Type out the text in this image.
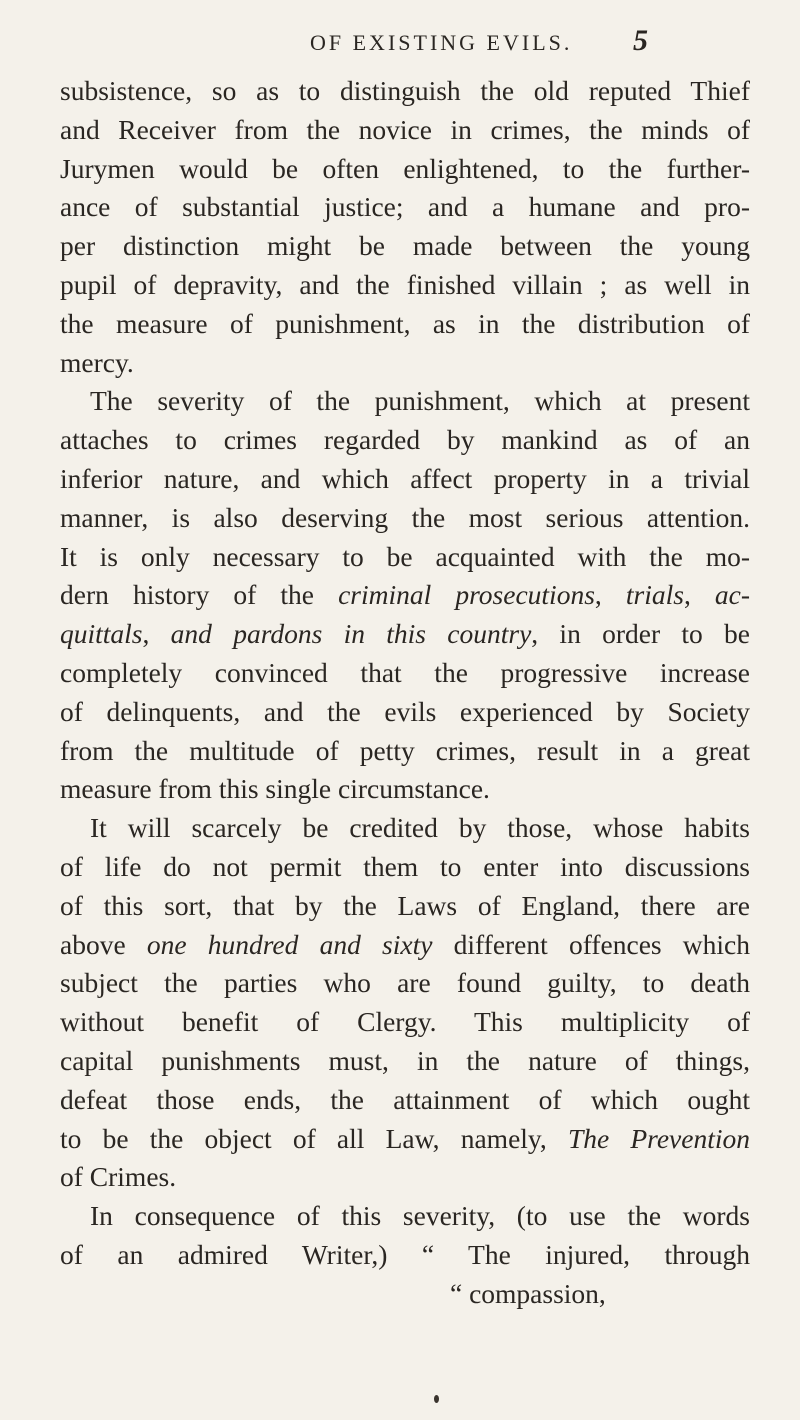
OF EXISTING EVILS. 5
subsistence, so as to distinguish the old reputed Thief
and Receiver from the novice in crimes, the minds of
Jurymen would be often enlightened, to the further-
ance of substantial justice; and a humane and pro-
per distinction might be made between the young
pupil of depravity, and the finished villain ; as well in
the measure of punishment, as in the distribution of
mercy.
The severity of the punishment, which at present
attaches to crimes regarded by mankind as of an
inferior nature, and which affect property in a trivial
manner, is also deserving the most serious attention.
It is only necessary to be acquainted with the mo-
dern history of the criminal prosecutions, trials, ac-
quittals, and pardons in this country, in order to be
completely convinced that the progressive increase
of delinquents, and the evils experienced by Society
from the multitude of petty crimes, result in a great
measure from this single circumstance.
It will scarcely be credited by those, whose habits
of life do not permit them to enter into discussions
of this sort, that by the Laws of England, there are
above one hundred and sixty different offences which
subject the parties who are found guilty, to death
without benefit of Clergy. This multiplicity of
capital punishments must, in the nature of things,
defeat those ends, the attainment of which ought
to be the object of all Law, namely, The Prevention
of Crimes.
In consequence of this severity, (to use the words
of an admired Writer,) “ The injured, through
“ compassion,
